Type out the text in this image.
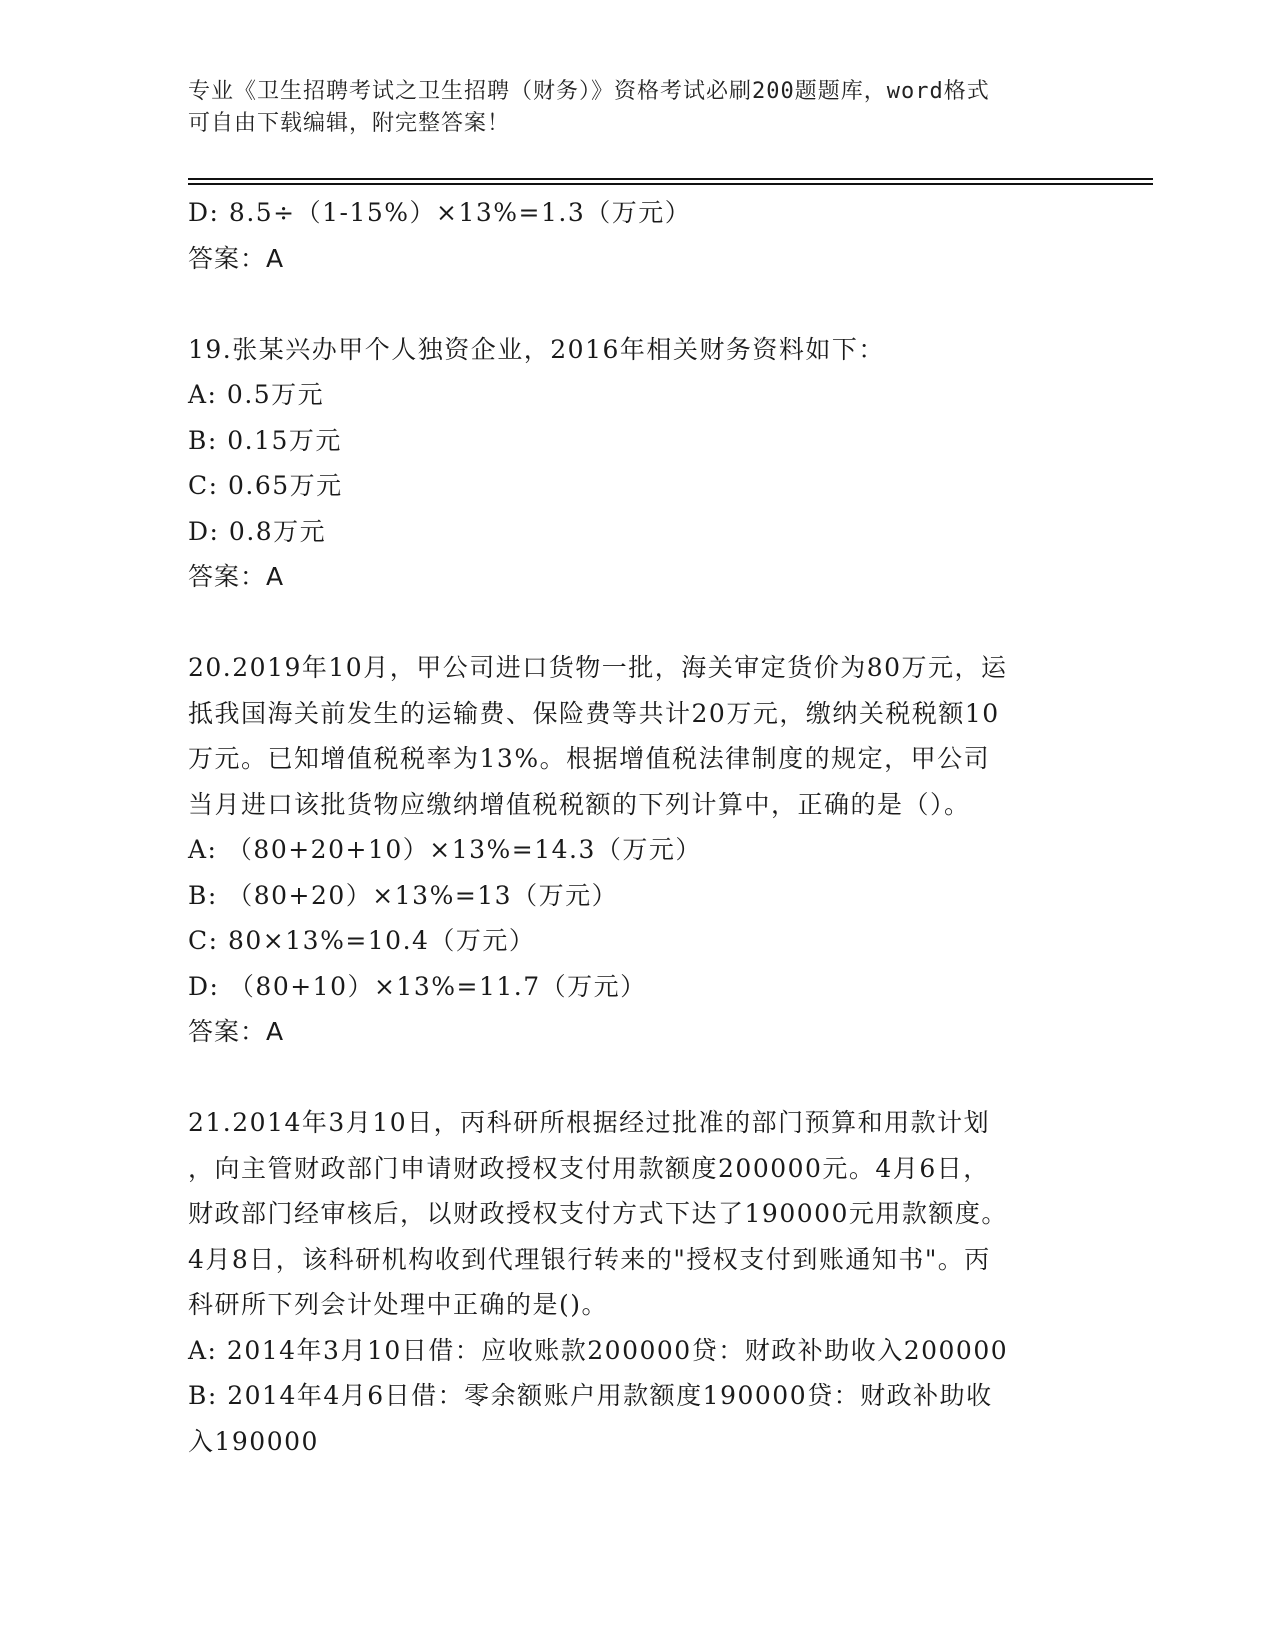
专业《卫生招聘考试之卫生招聘（财务）》资格考试必刷200题题库，word格式
可自由下载编辑，附完整答案！
D: 8.5÷（1-15%）×13%=1.3（万元）
答案：A
19.张某兴办甲个人独资企业，2016年相关财务资料如下：
A: 0.5万元
B: 0.15万元
C: 0.65万元
D: 0.8万元
答案：A
20.2019年10月，甲公司进口货物一批，海关审定货价为80万元，运
抵我国海关前发生的运输费、保险费等共计20万元，缴纳关税税额10
万元。已知增值税税率为13%。根据增值税法律制度的规定，甲公司
当月进口该批货物应缴纳增值税税额的下列计算中，正确的是（）。
A: （80+20+10）×13%=14.3（万元）
B: （80+20）×13%=13（万元）
C: 80×13%=10.4（万元）
D: （80+10）×13%=11.7（万元）
答案：A
21.2014年3月10日，丙科研所根据经过批准的部门预算和用款计划
，向主管财政部门申请财政授权支付用款额度200000元。4月6日，
财政部门经审核后，以财政授权支付方式下达了190000元用款额度。
4月8日，该科研机构收到代理银行转来的"授权支付到账通知书"。丙
科研所下列会计处理中正确的是()。
A: 2014年3月10日借：应收账款200000贷：财政补助收入200000
B: 2014年4月6日借：零余额账户用款额度190000贷：财政补助收
入190000
